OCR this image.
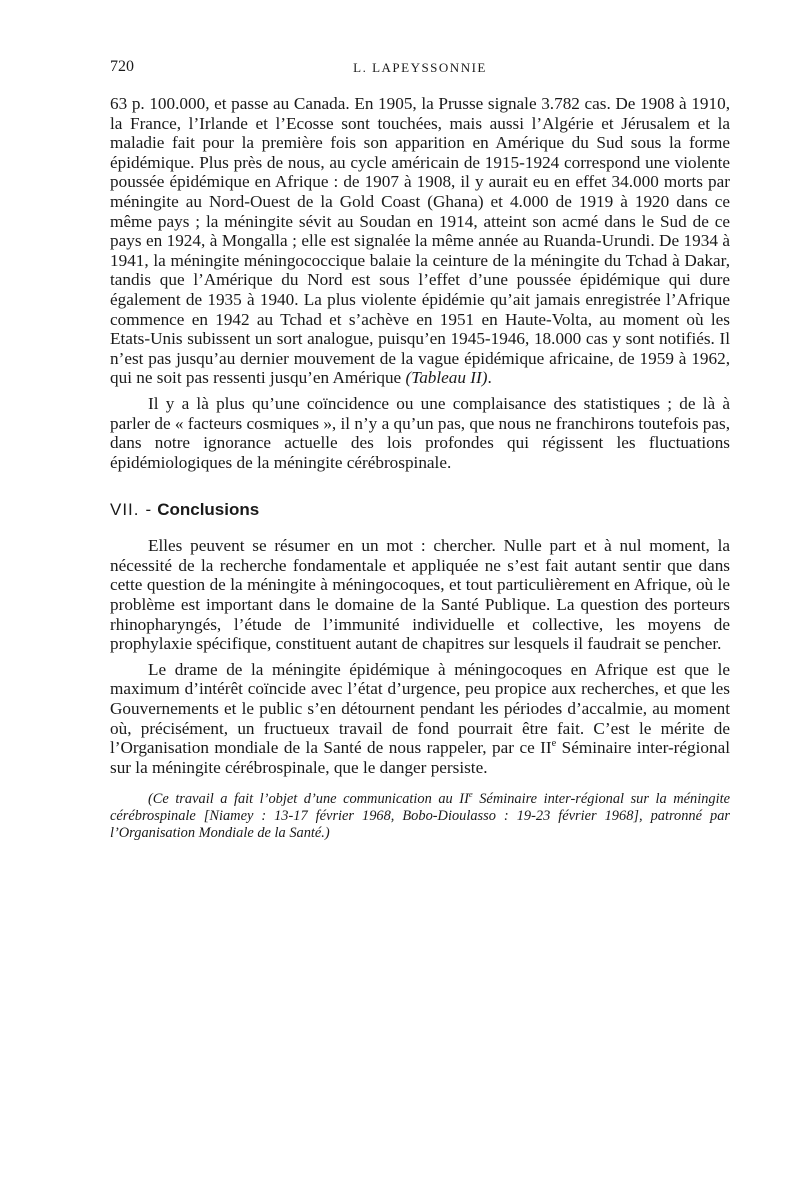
720	L. LAPEYSSONNIE

63 p. 100.000, et passe au Canada. En 1905, la Prusse signale 3.782 cas. De 1908 à 1910, la France, l’Irlande et l’Ecosse sont touchées, mais aussi l’Algérie et Jérusalem et la maladie fait pour la première fois son apparition en Amérique du Sud sous la forme épidémique. Plus près de nous, au cycle américain de 1915-1924 correspond une violente poussée épidémique en Afrique : de 1907 à 1908, il y aurait eu en effet 34.000 morts par méningite au Nord-Ouest de la Gold Coast (Ghana) et 4.000 de 1919 à 1920 dans ce même pays ; la méningite sévit au Soudan en 1914, atteint son acmé dans le Sud de ce pays en 1924, à Mongalla ; elle est signalée la même année au Ruanda-Urundi. De 1934 à 1941, la méningite méningococcique balaie la ceinture de la méningite du Tchad à Dakar, tandis que l’Amérique du Nord est sous l’effet d’une poussée épidémique qui dure également de 1935 à 1940. La plus violente épidémie qu’ait jamais enregistrée l’Afrique commence en 1942 au Tchad et s’achève en 1951 en Haute-Volta, au moment où les Etats-Unis subissent un sort analogue, puisqu’en 1945-1946, 18.000 cas y sont notifiés. Il n’est pas jusqu’au dernier mouvement de la vague épidémique africaine, de 1959 à 1962, qui ne soit pas ressenti jusqu’en Amérique (Tableau II).

Il y a là plus qu’une coïncidence ou une complaisance des statistiques ; de là à parler de « facteurs cosmiques », il n’y a qu’un pas, que nous ne franchirons toutefois pas, dans notre ignorance actuelle des lois profondes qui régissent les fluctuations épidémiologiques de la méningite cérébrospinale.

VII. - Conclusions

Elles peuvent se résumer en un mot : chercher. Nulle part et à nul moment, la nécessité de la recherche fondamentale et appliquée ne s’est fait autant sentir que dans cette question de la méningite à méningocoques, et tout particulièrement en Afrique, où le problème est important dans le domaine de la Santé Publique. La question des porteurs rhinopharyngés, l’étude de l’immunité individuelle et collective, les moyens de prophylaxie spécifique, constituent autant de chapitres sur lesquels il faudrait se pencher.

Le drame de la méningite épidémique à méningocoques en Afrique est que le maximum d’intérêt coïncide avec l’état d’urgence, peu propice aux recherches, et que les Gouvernements et le public s’en détournent pendant les périodes d’accalmie, au moment où, précisément, un fructueux travail de fond pourrait être fait. C’est le mérite de l’Organisation mondiale de la Santé de nous rappeler, par ce IIe Séminaire inter-régional sur la méningite cérébrospinale, que le danger persiste.

(Ce travail a fait l’objet d’une communication au IIe Séminaire inter-régional sur la méningite cérébrospinale [Niamey : 13-17 février 1968, Bobo-Dioulasso : 19-23 février 1968], patronné par l’Organisation Mondiale de la Santé.)
